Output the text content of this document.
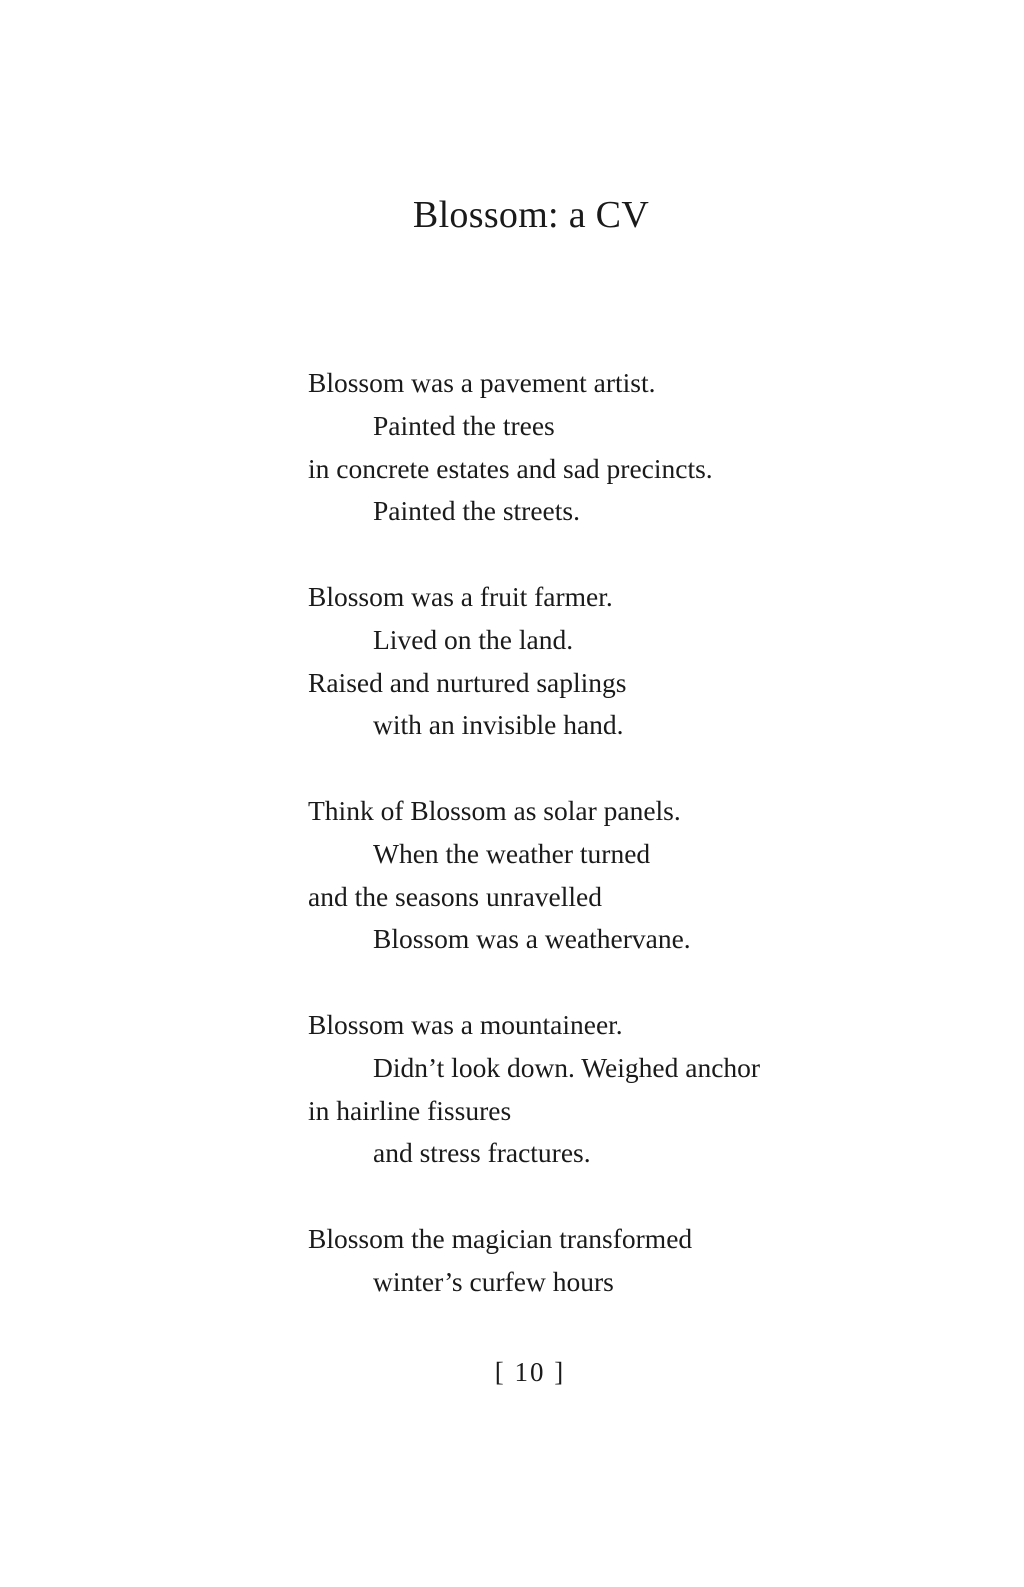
Blossom: a CV
Blossom was a pavement artist.
Painted the trees
in concrete estates and sad precincts.
Painted the streets.
Blossom was a fruit farmer.
Lived on the land.
Raised and nurtured saplings
with an invisible hand.
Think of Blossom as solar panels.
When the weather turned
and the seasons unravelled
Blossom was a weathervane.
Blossom was a mountaineer.
Didn’t look down. Weighed anchor
in hairline fissures
and stress fractures.
Blossom the magician transformed
winter’s curfew hours
[ 10 ]
